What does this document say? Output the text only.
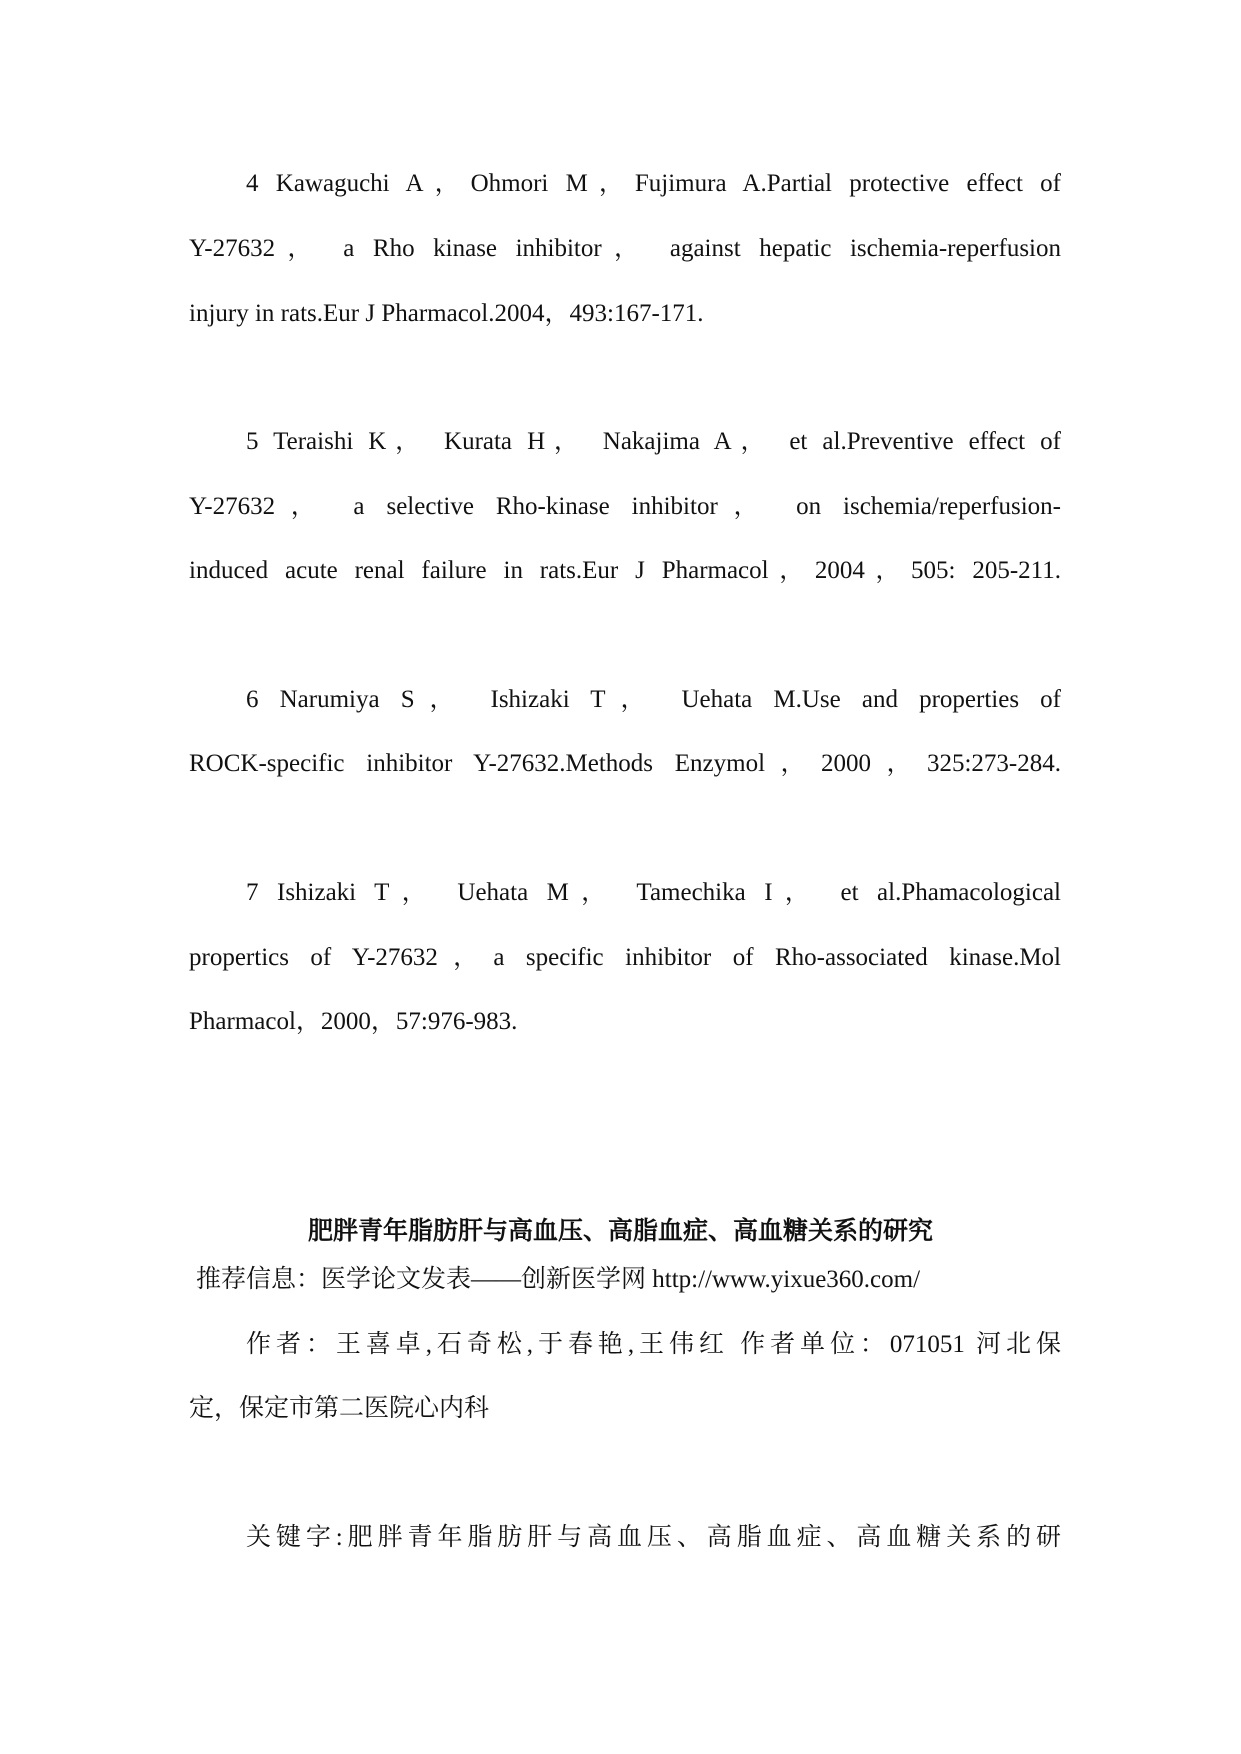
4 Kawaguchi A，Ohmori M，Fujimura A.Partial protective effect of
Y-27632， a Rho kinase inhibitor， against hepatic ischemia-reperfusion
injury in rats.Eur J Pharmacol.2004，493:167-171.
5 Teraishi K， Kurata H， Nakajima A， et al.Preventive effect of
Y-27632， a selective Rho-kinase inhibitor， on ischemia/reperfusion-
induced acute renal failure in rats.Eur J Pharmacol，2004，505: 205-211.
6 Narumiya S， Ishizaki T， Uehata M.Use and properties of
ROCK-specific inhibitor Y-27632.Methods Enzymol，2000，325:273-284.
7 Ishizaki T， Uehata M， Tamechika I， et al.Phamacological
propertics of Y-27632，a specific inhibitor of Rho-associated kinase.Mol
Pharmacol，2000，57:976-983.
肥胖青年脂肪肝与高血压、高脂血症、高血糖关系的研究
推荐信息：医学论文发表——创新医学网 http://www.yixue360.com/
作者：王喜卓,石奇松,于春艳,王伟红 作者单位：071051 河北保
定，保定市第二医院心内科
关键字:肥胖青年脂肪肝与高血压、高脂血症、高血糖关系的研
